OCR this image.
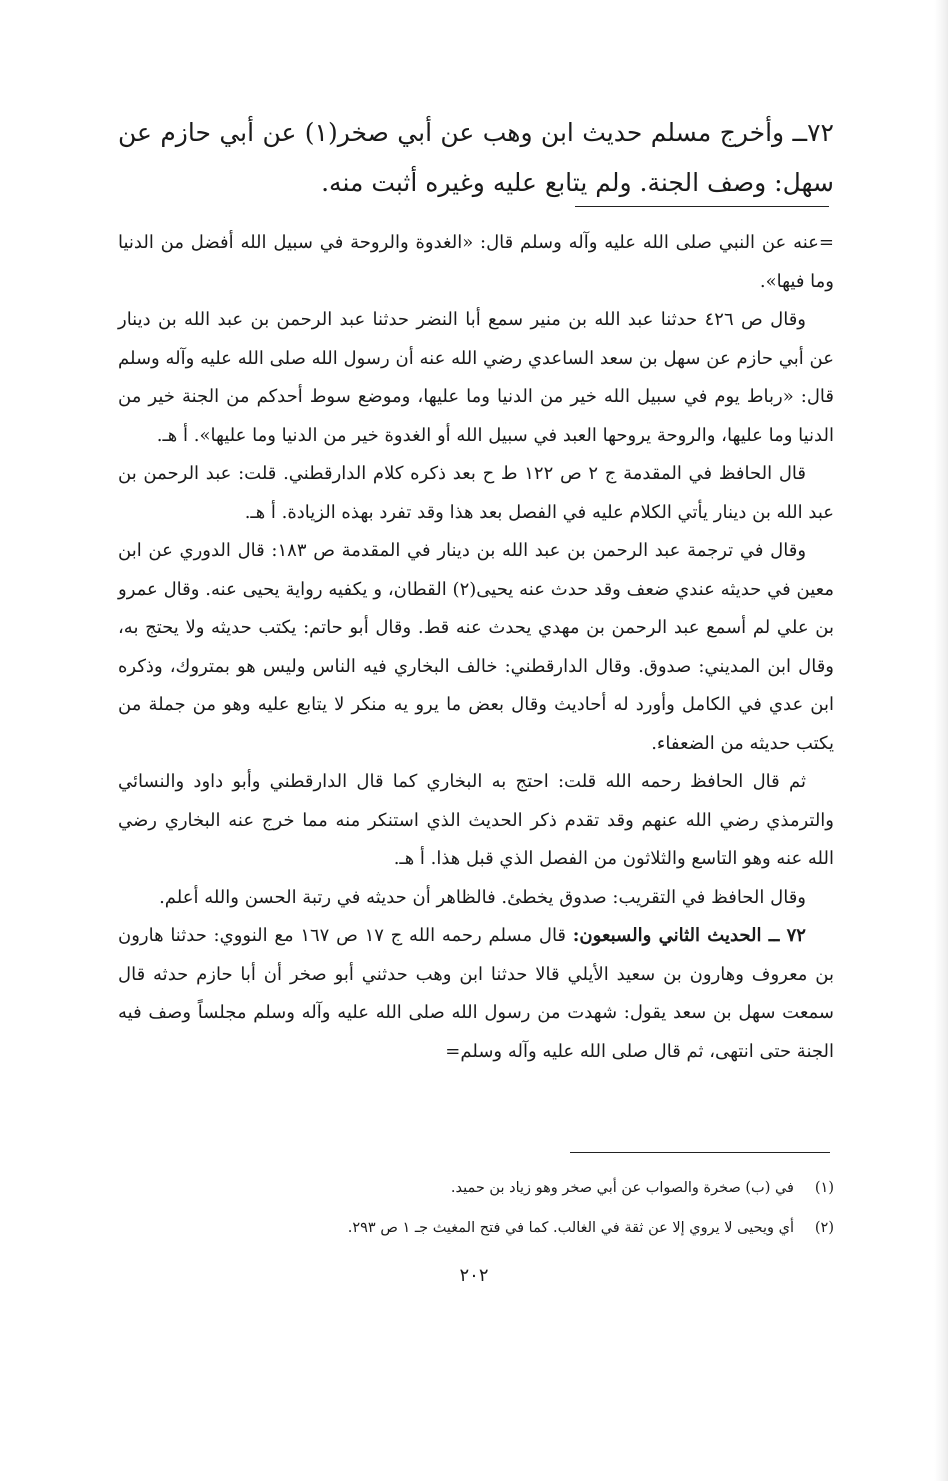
٧٢ــ وأخرج مسلم حديث ابن وهب عن أبي صخر(١) عن أبي حازم عن سهل: وصف الجنة. ولم يتابع عليه وغيره أثبت منه.

=عنه عن النبي صلى الله عليه وآله وسلم قال: «الغدوة والروحة في سبيل الله أفضل من الدنيا وما فيها».

وقال ص ٤٢٦ حدثنا عبد الله بن منير سمع أبا النضر حدثنا عبد الرحمن بن عبد الله بن دينار عن أبي حازم عن سهل بن سعد الساعدي رضي الله عنه أن رسول الله صلى الله عليه وآله وسلم قال: «رباط يوم في سبيل الله خير من الدنيا وما عليها، وموضع سوط أحدكم من الجنة خير من الدنيا وما عليها، والروحة يروحها العبد في سبيل الله أو الغدوة خير من الدنيا وما عليها». أ هـ.

قال الحافظ في المقدمة ج ٢ ص ١٢٢ ط ح بعد ذكره كلام الدارقطني. قلت: عبد الرحمن بن عبد الله بن دينار يأتي الكلام عليه في الفصل بعد هذا وقد تفرد بهذه الزيادة. أ هـ.

وقال في ترجمة عبد الرحمن بن عبد الله بن دينار في المقدمة ص ١٨٣: قال الدوري عن ابن معين في حديثه عندي ضعف وقد حدث عنه يحيى(٢) القطان، و يكفيه رواية يحيى عنه. وقال عمرو بن علي لم أسمع عبد الرحمن بن مهدي يحدث عنه قط. وقال أبو حاتم: يكتب حديثه ولا يحتج به، وقال ابن المديني: صدوق. وقال الدارقطني: خالف البخاري فيه الناس وليس هو بمتروك، وذكره ابن عدي في الكامل وأورد له أحاديث وقال بعض ما يرو يه منكر لا يتابع عليه وهو من جملة من يكتب حديثه من الضعفاء.

ثم قال الحافظ رحمه الله قلت: احتج به البخاري كما قال الدارقطني وأبو داود والنسائي والترمذي رضي الله عنهم وقد تقدم ذكر الحديث الذي استنكر منه مما خرج عنه البخاري رضي الله عنه وهو التاسع والثلاثون من الفصل الذي قبل هذا. أ هـ.

وقال الحافظ في التقريب: صدوق يخطئ. فالظاهر أن حديثه في رتبة الحسن والله أعلم.

٧٢ ــ الحديث الثاني والسبعون: قال مسلم رحمه الله ج ١٧ ص ١٦٧ مع النووي: حدثنا هارون بن معروف وهارون بن سعيد الأيلي قالا حدثنا ابن وهب حدثني أبو صخر أن أبا حازم حدثه قال سمعت سهل بن سعد يقول: شهدت من رسول الله صلى الله عليه وآله وسلم مجلساً وصف فيه الجنة حتى انتهى، ثم قال صلى الله عليه وآله وسلم=

(١)
في (ب) صخرة والصواب عن أبي صخر وهو زياد بن حميد.
(٢)
أي ويحيى لا يروي إلا عن ثقة في الغالب. كما في فتح المغيث جـ ١ ص ٢٩٣.
٢٠٢
